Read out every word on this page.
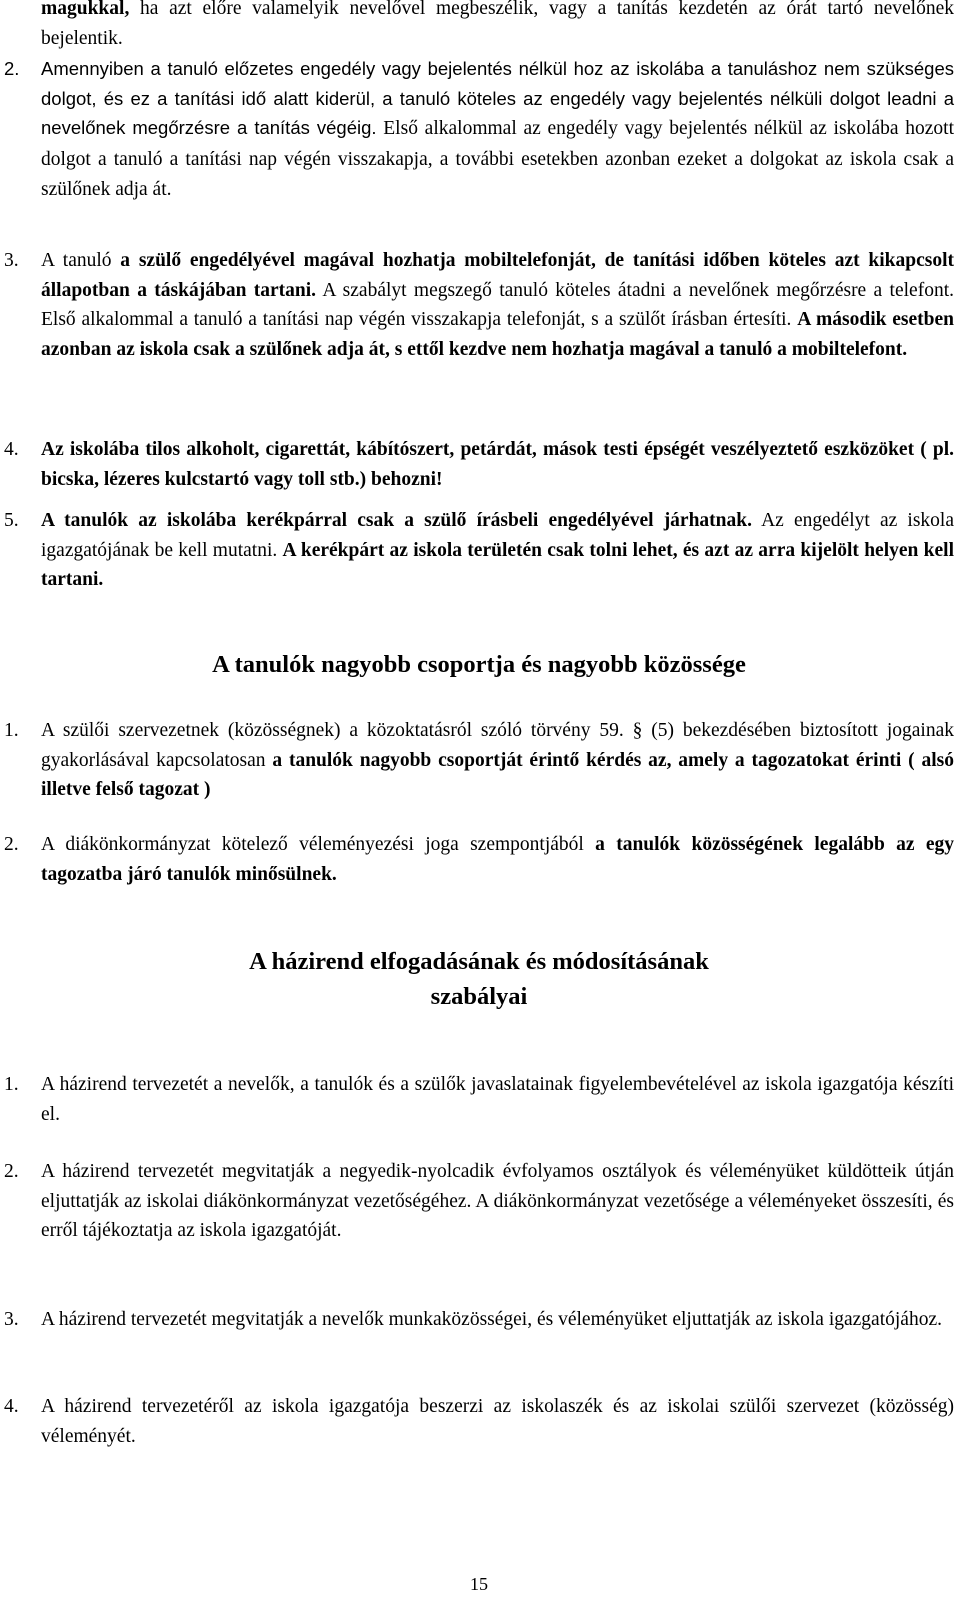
magukkal, ha azt előre valamelyik nevelővel megbeszélik, vagy a tanítás kezdetén az órát tartó nevelőnek bejelentik.

2. Amennyiben a tanuló előzetes engedély vagy bejelentés nélkül hoz az iskolába a tanuláshoz nem szükséges dolgot, és ez a tanítási idő alatt kiderül, a tanuló köteles az engedély vagy bejelentés nélküli dolgot leadni a nevelőnek megőrzésre a tanítás végéig. Első alkalommal az engedély vagy bejelentés nélkül az iskolába hozott dolgot a tanuló a tanítási nap végén visszakapja, a további esetekben azonban ezeket a dolgokat az iskola csak a szülőnek adja át.

3. A tanuló a szülő engedélyével magával hozhatja mobiltelefonját, de tanítási időben köteles azt kikapcsolt állapotban a táskájában tartani. A szabályt megszegő tanuló köteles átadni a nevelőnek megőrzésre a telefont. Első alkalommal a tanuló a tanítási nap végén visszakapja telefonját, s a szülőt írásban értesíti. A második esetben azonban az iskola csak a szülőnek adja át, s ettől kezdve nem hozhatja magával a tanuló a mobiltelefont.

4. Az iskolába tilos alkoholt, cigarettát, kábítószert, petárdát, mások testi épségét veszélyeztető eszközöket ( pl. bicska, lézeres kulcstartó vagy toll stb.) behozni!

5. A tanulók az iskolába kerékpárral csak a szülő írásbeli engedélyével járhatnak. Az engedélyt az iskola igazgatójának be kell mutatni. A kerékpárt az iskola területén csak tolni lehet, és azt az arra kijelölt helyen kell tartani.

A tanulók nagyobb csoportja és nagyobb közössége

1. A szülői szervezetnek (közösségnek) a közoktatásról szóló törvény 59. § (5) bekezdésében biztosított jogainak gyakorlásával kapcsolatosan a tanulók nagyobb csoportját érintő kérdés az, amely a tagozatokat érinti ( alsó illetve felső tagozat )

2. A diákönkormányzat kötelező véleményezési joga szempontjából a tanulók közösségének legalább az egy tagozatba járó tanulók minősülnek.

A házirend elfogadásának és módosításának
szabályai

1. A házirend tervezetét a nevelők, a tanulók és a szülők javaslatainak figyelembevételével az iskola igazgatója készíti el.

2. A házirend tervezetét megvitatják a negyedik-nyolcadik évfolyamos osztályok és véleményüket küldötteik útján eljuttatják az iskolai diákönkormányzat vezetőségéhez. A diákönkormányzat vezetősége a véleményeket összesíti, és erről tájékoztatja az iskola igazgatóját.

3. A házirend tervezetét megvitatják a nevelők munkaközösségei, és véleményüket eljuttatják az iskola igazgatójához.

4. A házirend tervezetéről az iskola igazgatója beszerzi az iskolaszék és az iskolai szülői szervezet (közösség) véleményét.

15
